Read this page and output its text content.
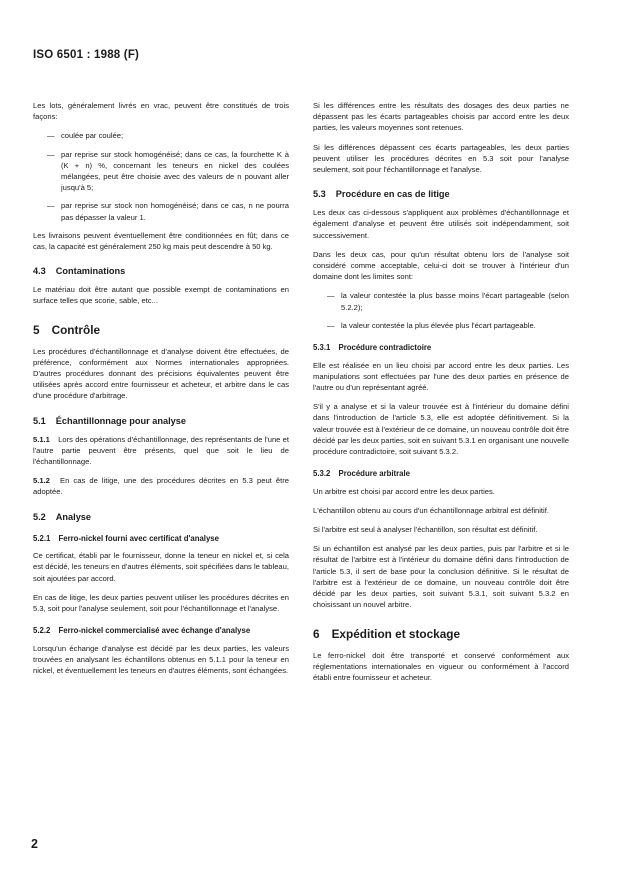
ISO 6501 : 1988 (F)

Les lots, généralement livrés en vrac, peuvent être constitués de trois façons:

— coulée par coulée;
— par reprise sur stock homogénéisé; dans ce cas, la fourchette K à (K + n) %, concernant les teneurs en nickel des coulées mélangées, peut être choisie avec des valeurs de n pouvant aller jusqu'à 5;
— par reprise sur stock non homogénéisé; dans ce cas, n ne pourra pas dépasser la valeur 1.

Les livraisons peuvent éventuellement être conditionnées en fût; dans ce cas, la capacité est généralement 250 kg mais peut descendre à 50 kg.

4.3 Contaminations

Le matériau doit être autant que possible exempt de contaminations en surface telles que scorie, sable, etc...

5 Contrôle

Les procédures d'échantillonnage et d'analyse doivent être effectuées, de préférence, conformément aux Normes internationales appropriées. D'autres procédures donnant des précisions équivalentes peuvent être utilisées après accord entre fournisseur et acheteur, et arbitre dans le cas d'une procédure d'arbitrage.

5.1 Échantillonnage pour analyse

5.1.1 Lors des opérations d'échantillonnage, des représentants de l'une et l'autre partie peuvent être présents, quel que soit le lieu de l'échantillonnage.

5.1.2 En cas de litige, une des procédures décrites en 5.3 peut être adoptée.

5.2 Analyse
5.2.1 Ferro-nickel fourni avec certificat d'analyse

Ce certificat, établi par le fournisseur, donne la teneur en nickel et, si cela est décidé, les teneurs en d'autres éléments, soit spécifiées dans le tableau, soit ajoutées par accord.

En cas de litige, les deux parties peuvent utiliser les procédures décrites en 5.3, soit pour l'analyse seulement, soit pour l'échantillonnage et l'analyse.

5.2.2 Ferro-nickel commercialisé avec échange d'analyse

Lorsqu'un échange d'analyse est décidé par les deux parties, les valeurs trouvées en analysant les échantillons obtenus en 5.1.1 pour la teneur en nickel, et éventuellement les teneurs en d'autres éléments, sont échangées.

Si les différences entre les résultats des dosages des deux parties ne dépassent pas les écarts partageables choisis par accord entre les deux parties, les valeurs moyennes sont retenues.

Si les différences dépassent ces écarts partageables, les deux parties peuvent utiliser les procédures décrites en 5.3 soit pour l'analyse seulement, soit pour l'échantillonnage et l'analyse.

5.3 Procédure en cas de litige

Les deux cas ci-dessous s'appliquent aux problèmes d'échantillonnage et également d'analyse et peuvent être utilisés soit indépendamment, soit successivement.

Dans les deux cas, pour qu'un résultat obtenu lors de l'analyse soit considéré comme acceptable, celui-ci doit se trouver à l'intérieur d'un domaine dont les limites sont:

— la valeur contestée la plus basse moins l'écart partageable (selon 5.2.2);
— la valeur contestée la plus élevée plus l'écart partageable.
5.3.1 Procédure contradictoire

Elle est réalisée en un lieu choisi par accord entre les deux parties. Les manipulations sont effectuées par l'une des deux parties en présence de l'autre ou d'un représentant agréé.

S'il y a analyse et si la valeur trouvée est à l'intérieur du domaine défini dans l'introduction de l'article 5.3, elle est adoptée définitivement. Si la valeur trouvée est à l'extérieur de ce domaine, un nouveau contrôle doit être décidé par les deux parties, soit en suivant 5.3.1 en organisant une nouvelle procédure contradictoire, soit suivant 5.3.2.

5.3.2 Procédure arbitrale

Un arbitre est choisi par accord entre les deux parties.

L'échantillon obtenu au cours d'un échantillonnage arbitral est définitif.

Si l'arbitre est seul à analyser l'échantillon, son résultat est définitif.

Si un échantillon est analysé par les deux parties, puis par l'arbitre et si le résultat de l'arbitre est à l'intérieur du domaine défini dans l'introduction de l'article 5.3, il sert de base pour la conclusion définitive. Si le résultat de l'arbitre est à l'extérieur de ce domaine, un nouveau contrôle doit être décidé par les deux parties, soit suivant 5.3.1, soit suivant 5.3.2 en choisissant un nouvel arbitre.

6 Expédition et stockage

Le ferro-nickel doit être transporté et conservé conformément aux réglementations internationales en vigueur ou conformément à l'accord établi entre fournisseur et acheteur.

2
